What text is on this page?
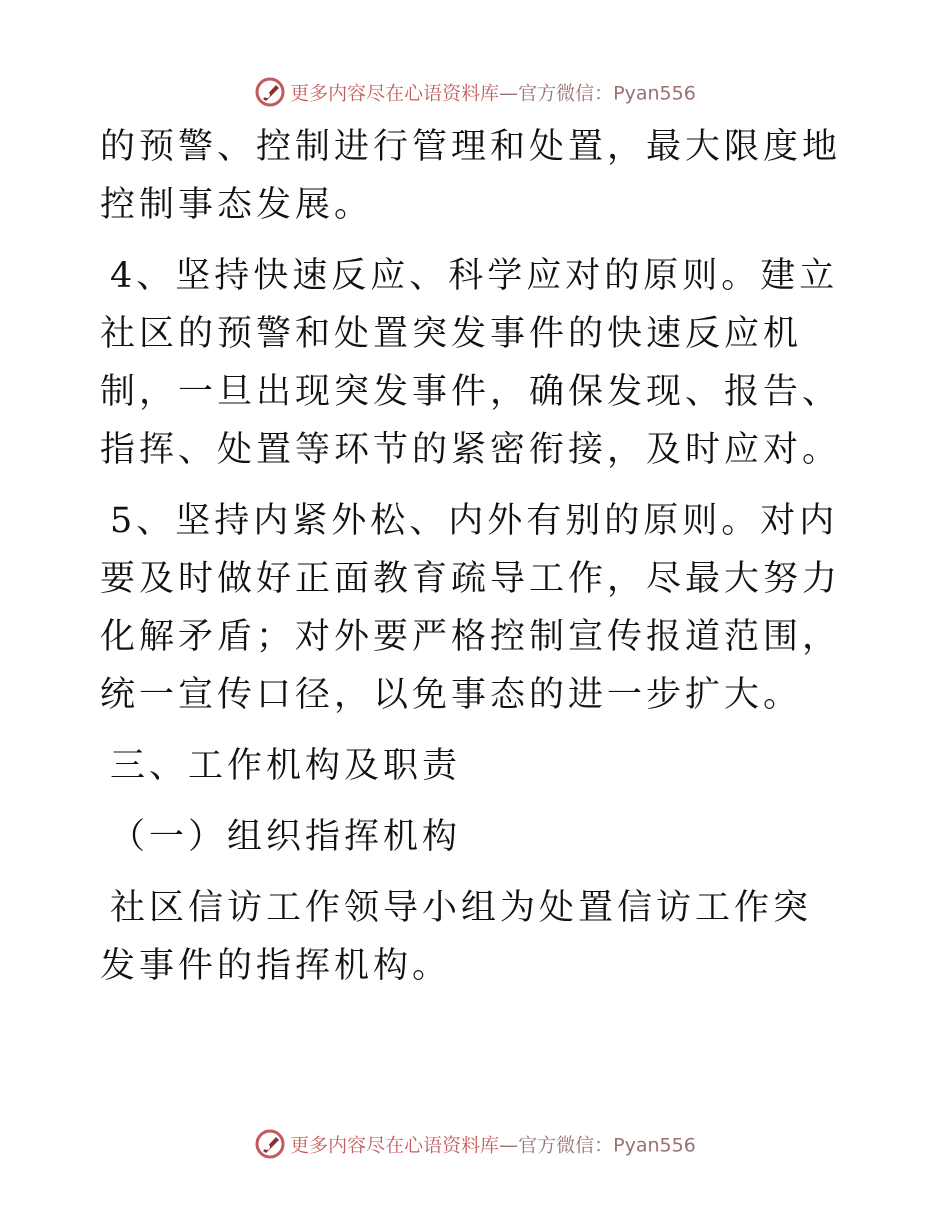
更多内容尽在心语资料库—官方微信：Pyan556

的预警、控制进行管理和处置，最大限度地控制事态发展。

4、坚持快速反应、科学应对的原则。建立社区的预警和处置突发事件的快速反应机制，一旦出现突发事件，确保发现、报告、指挥、处置等环节的紧密衔接，及时应对。

5、坚持内紧外松、内外有别的原则。对内要及时做好正面教育疏导工作，尽最大努力化解矛盾；对外要严格控制宣传报道范围，统一宣传口径，以免事态的进一步扩大。

三、工作机构及职责

（一）组织指挥机构

社区信访工作领导小组为处置信访工作突发事件的指挥机构。

更多内容尽在心语资料库—官方微信：Pyan556
